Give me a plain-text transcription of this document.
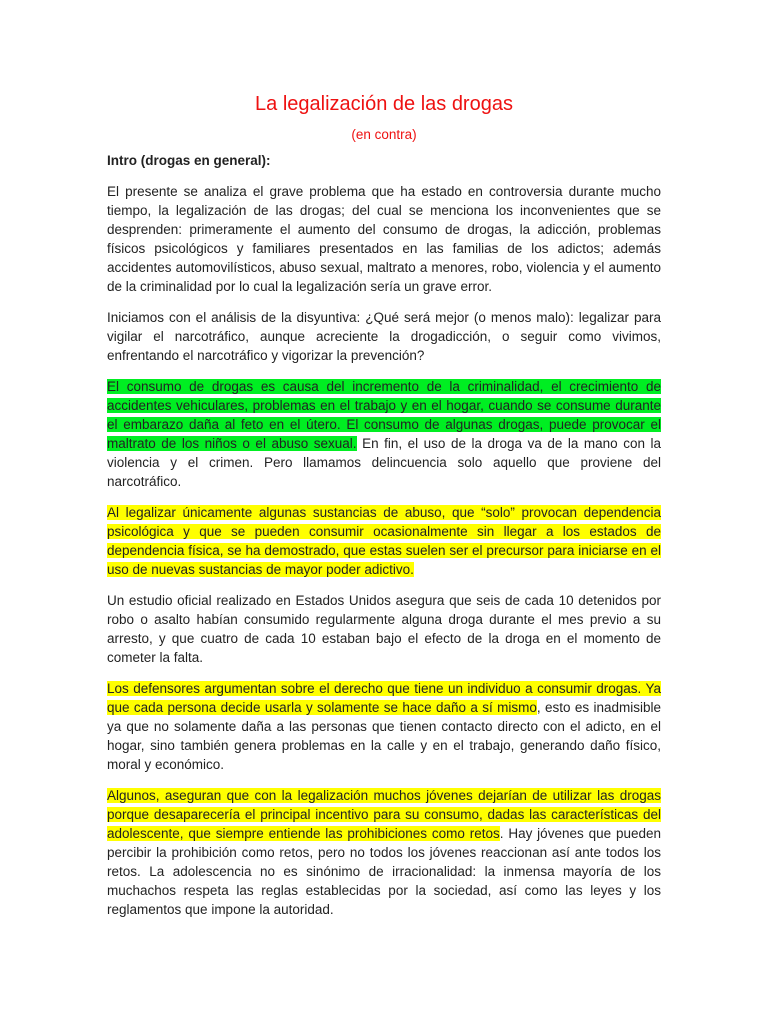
La legalización de las drogas
(en contra)
Intro (drogas en general):

El presente se analiza el grave problema que ha estado en controversia durante mucho tiempo, la legalización de las drogas; del cual se menciona los inconvenientes que se desprenden: primeramente el aumento del consumo de drogas, la adicción, problemas físicos psicológicos y familiares presentados en las familias de los adictos; además accidentes automovilísticos, abuso sexual, maltrato a menores, robo, violencia y el aumento de la criminalidad por lo cual la legalización sería un grave error.

Iniciamos con el análisis de la disyuntiva: ¿Qué será mejor (o menos malo): legalizar para vigilar el narcotráfico, aunque acreciente la drogadicción, o seguir como vivimos, enfrentando el narcotráfico y vigorizar la prevención?

El consumo de drogas es causa del incremento de la criminalidad, el crecimiento de accidentes vehiculares, problemas en el trabajo y en el hogar, cuando se consume durante el embarazo daña al feto en el útero. El consumo de algunas drogas, puede provocar el maltrato de los niños o el abuso sexual. En fin, el uso de la droga va de la mano con la violencia y el crimen. Pero llamamos delincuencia solo aquello que proviene del narcotráfico.

Al legalizar únicamente algunas sustancias de abuso, que “solo” provocan dependencia psicológica y que se pueden consumir ocasionalmente sin llegar a los estados de dependencia física, se ha demostrado, que estas suelen ser el precursor para iniciarse en el uso de nuevas sustancias de mayor poder adictivo.

Un estudio oficial realizado en Estados Unidos asegura que seis de cada 10 detenidos por robo o asalto habían consumido regularmente alguna droga durante el mes previo a su arresto, y que cuatro de cada 10 estaban bajo el efecto de la droga en el momento de cometer la falta.

Los defensores argumentan sobre el derecho que tiene un individuo a consumir drogas. Ya que cada persona decide usarla y solamente se hace daño a sí mismo, esto es inadmisible ya que no solamente daña a las personas que tienen contacto directo con el adicto, en el hogar, sino también genera problemas en la calle y en el trabajo, generando daño físico, moral y económico.

Algunos, aseguran que con la legalización muchos jóvenes dejarían de utilizar las drogas porque desaparecería el principal incentivo para su consumo, dadas las características del adolescente, que siempre entiende las prohibiciones como retos. Hay jóvenes que pueden percibir la prohibición como retos, pero no todos los jóvenes reaccionan así ante todos los retos. La adolescencia no es sinónimo de irracionalidad: la inmensa mayoría de los muchachos respeta las reglas establecidas por la sociedad, así como las leyes y los reglamentos que impone la autoridad.
